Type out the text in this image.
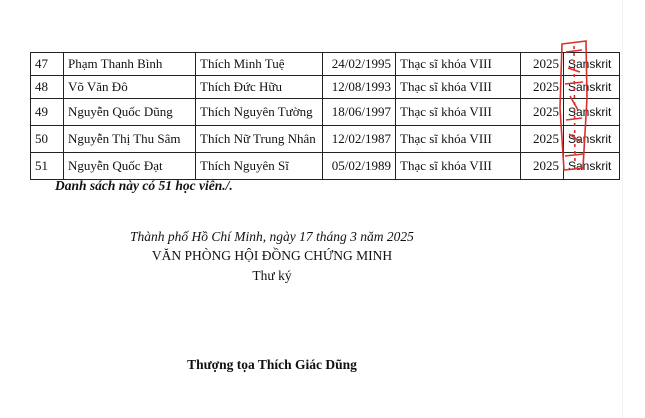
47	Phạm Thanh Bình	Thích Minh Tuệ	24/02/1995	Thạc sĩ khóa VIII	2025	Sanskrit
48	Võ Văn Đô	Thích Đức Hữu	12/08/1993	Thạc sĩ khóa VIII	2025	Sanskrit
49	Nguyễn Quốc Dũng	Thích Nguyên Tường	18/06/1997	Thạc sĩ khóa VIII	2025	Sanskrit
50	Nguyễn Thị Thu Sâm	Thích Nữ Trung Nhân	12/02/1987	Thạc sĩ khóa VIII	2025	Sanskrit
51	Nguyễn Quốc Đạt	Thích Nguyên Sĩ	05/02/1989	Thạc sĩ khóa VIII	2025	Sanskrit
Danh sách này có 51 học viên./.
Thành phố Hồ Chí Minh, ngày 17 tháng 3 năm 2025
VĂN PHÒNG HỘI ĐỒNG CHỨNG MINH
Thư ký
Thượng tọa Thích Giác Dũng
